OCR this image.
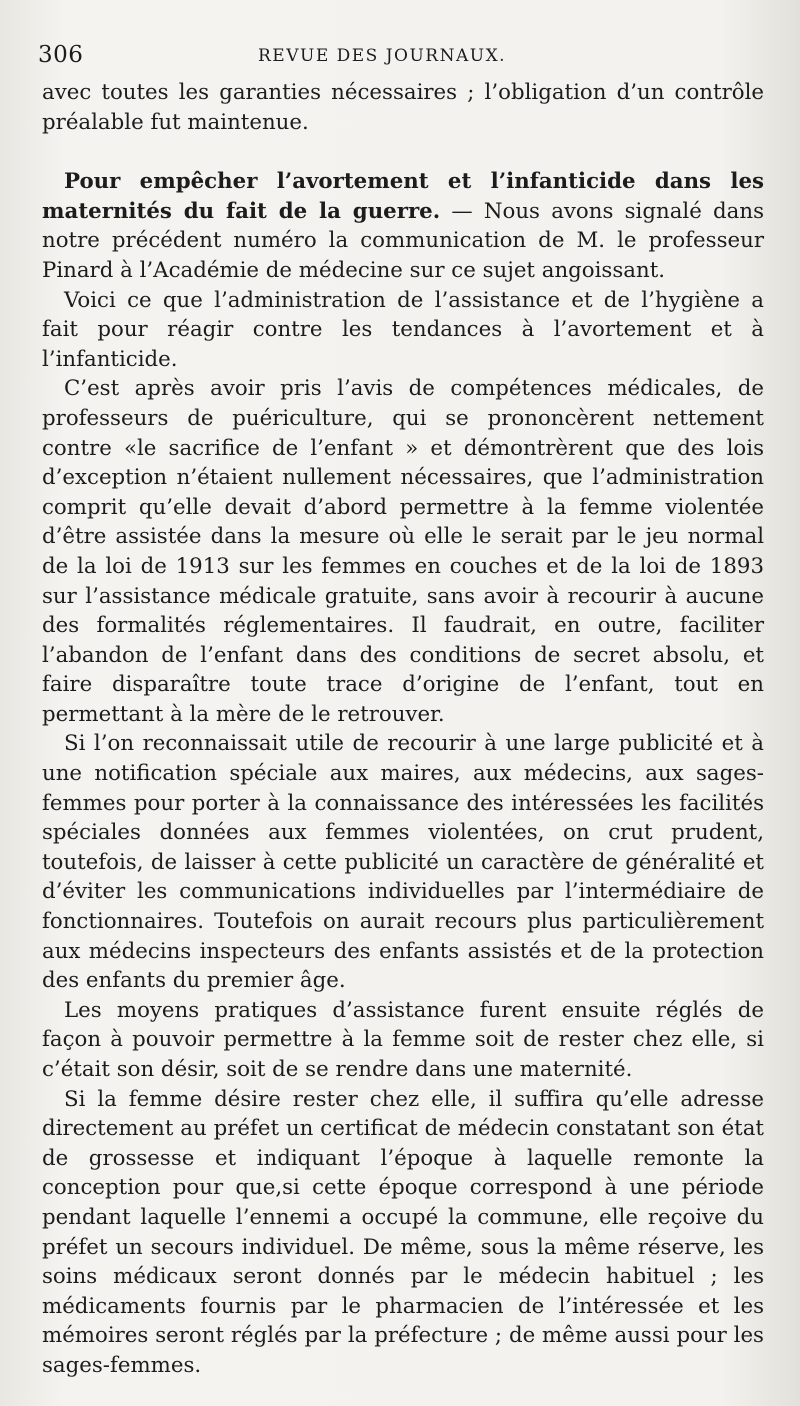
306	REVUE DES JOURNAUX.

avec toutes les garanties nécessaires ; l’obligation d’un contrôle préalable fut maintenue.

Pour empêcher l’avortement et l’infanticide dans les maternités du fait de la guerre. — Nous avons signalé dans notre précédent numéro la communication de M. le professeur Pinard à l’Académie de médecine sur ce sujet angoissant.

Voici ce que l’administration de l’assistance et de l’hygiène a fait pour réagir contre les tendances à l’avortement et à l’infanticide.

C’est après avoir pris l’avis de compétences médicales, de professeurs de puériculture, qui se prononcèrent nettement contre «le sacrifice de l’enfant » et démontrèrent que des lois d’exception n’étaient nullement nécessaires, que l’administration comprit qu’elle devait d’abord permettre à la femme violentée d’être assistée dans la mesure où elle le serait par le jeu normal de la loi de 1913 sur les femmes en couches et de la loi de 1893 sur l’assistance médicale gratuite, sans avoir à recourir à aucune des formalités réglementaires. Il faudrait, en outre, faciliter l’abandon de l’enfant dans des conditions de secret absolu, et faire disparaître toute trace d’origine de l’enfant, tout en permettant à la mère de le retrouver.

Si l’on reconnaissait utile de recourir à une large publicité et à une notification spéciale aux maires, aux médecins, aux sages-femmes pour porter à la connaissance des intéressées les facilités spéciales données aux femmes violentées, on crut prudent, toutefois, de laisser à cette publicité un caractère de généralité et d’éviter les communications individuelles par l’intermédiaire de fonctionnaires. Toutefois on aurait recours plus particulièrement aux médecins inspecteurs des enfants assistés et de la protection des enfants du premier âge.

Les moyens pratiques d’assistance furent ensuite réglés de façon à pouvoir permettre à la femme soit de rester chez elle, si c’était son désir, soit de se rendre dans une maternité.

Si la femme désire rester chez elle, il suffira qu’elle adresse directement au préfet un certificat de médecin constatant son état de grossesse et indiquant l’époque à laquelle remonte la conception pour que,si cette époque correspond à une période pendant laquelle l’ennemi a occupé la commune, elle reçoive du préfet un secours individuel. De même, sous la même réserve, les soins médicaux seront donnés par le médecin habituel ; les médicaments fournis par le pharmacien de l’intéressée et les mémoires seront réglés par la préfecture ; de même aussi pour les sages-femmes.
